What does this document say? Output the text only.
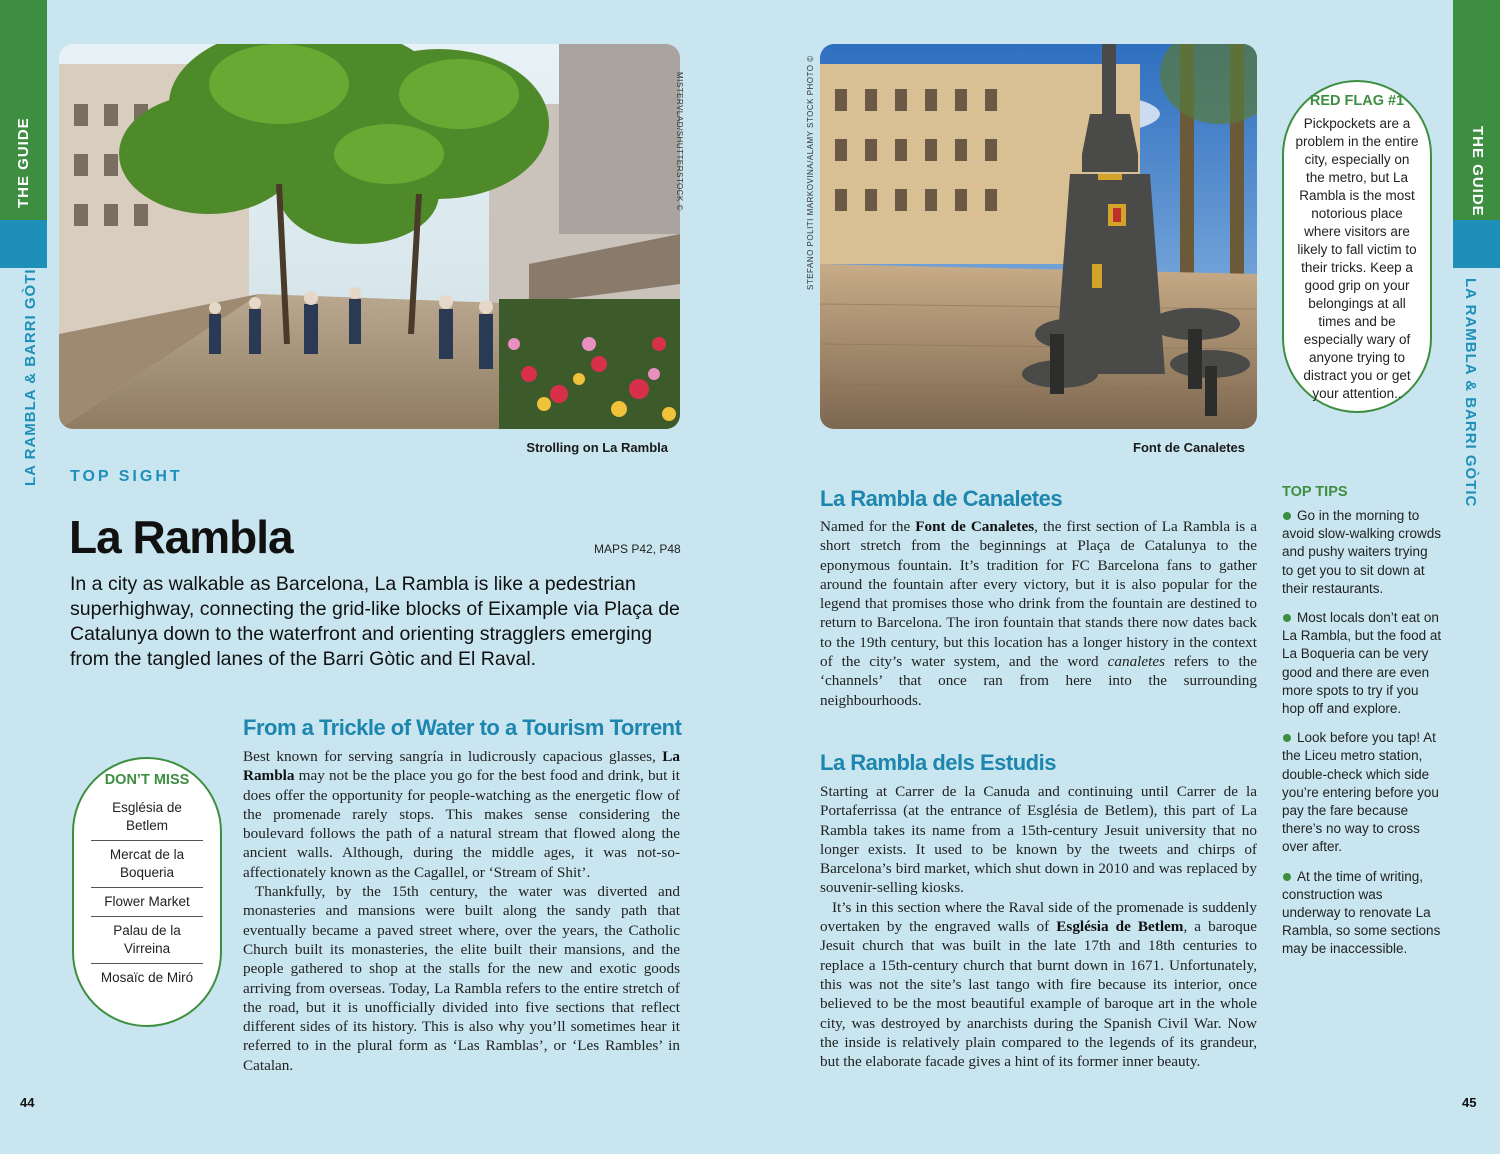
THE GUIDE
LA RAMBLA & BARRI GÒTIC
THE GUIDE
LA RAMBLA & BARRI GÒTIC
MISTERVLAD/SHUTTERSTOCK ©
Strolling on La Rambla
STEFANO POLITI MARKOVINA/ALAMY STOCK PHOTO ©
Font de Canaletes
TOP SIGHT
La Rambla	MAPS P42, P48
In a city as walkable as Barcelona, La Rambla is like a pedestrian superhighway, connecting the grid-like blocks of Eixample via Plaça de Catalunya down to the waterfront and orienting stragglers emerging from the tangled lanes of the Barri Gòtic and El Raval.
From a Trickle of Water to a Tourism Torrent

Best known for serving sangría in ludicrously capacious glasses, La Rambla may not be the place you go for the best food and drink, but it does offer the opportunity for people-watching as the energetic flow of the promenade rarely stops. This makes sense considering the boulevard follows the path of a natural stream that flowed along the ancient walls. Although, during the middle ages, it was not-so-affectionately known as the Cagallel, or ‘Stream of Shit’.

Thankfully, by the 15th century, the water was diverted and monasteries and mansions were built along the sandy path that eventually became a paved street where, over the years, the Catholic Church built its monasteries, the elite built their mansions, and the people gathered to shop at the stalls for the new and exotic goods arriving from overseas. Today, La Rambla refers to the entire stretch of the road, but it is unofficially divided into five sections that reflect different sides of its history. This is also why you’ll sometimes hear it referred to in the plural form as ‘Las Ramblas’, or ‘Les Rambles’ in Catalan.

DON’T MISS
Església de Betlem
Mercat de la Boqueria
Flower Market
Palau de la Virreina
Mosaïc de Miró
44
La Rambla de Canaletes

Named for the Font de Canaletes, the first section of La Rambla is a short stretch from the beginnings at Plaça de Catalunya to the eponymous fountain. It’s tradition for FC Barcelona fans to gather around the fountain after every victory, but it is also popular for the legend that promises those who drink from the fountain are destined to return to Barcelona. The iron fountain that stands there now dates back to the 19th century, but this location has a longer history in the context of the city’s water system, and the word canaletes refers to the ‘channels’ that once ran from here into the surrounding neighbourhoods.

La Rambla dels Estudis

Starting at Carrer de la Canuda and continuing until Carrer de la Portaferrissa (at the entrance of Església de Betlem), this part of La Rambla takes its name from a 15th-century Jesuit university that no longer exists. It used to be known by the tweets and chirps of Barcelona’s bird market, which shut down in 2010 and was replaced by souvenir-selling kiosks.

It’s in this section where the Raval side of the promenade is suddenly overtaken by the engraved walls of Església de Betlem, a baroque Jesuit church that was built in the late 17th and 18th centuries to replace a 15th-century church that burnt down in 1671. Unfortunately, this was not the site’s last tango with fire because its interior, once believed to be the most beautiful example of baroque art in the whole city, was destroyed by anarchists during the Spanish Civil War. Now the inside is relatively plain compared to the legends of its grandeur, but the elaborate facade gives a hint of its former inner beauty.

RED FLAG #1
Pickpockets are a problem in the entire city, especially on the metro, but La Rambla is the most notorious place where visitors are likely to fall victim to their tricks. Keep a good grip on your belongings at all times and be especially wary of anyone trying to distract you or get your attention..
TOP TIPS
Go in the morning to avoid slow-walking crowds and pushy waiters trying to get you to sit down at their restaurants.
Most locals don’t eat on La Rambla, but the food at La Boqueria can be very good and there are even more spots to try if you hop off and explore.
Look before you tap! At the Liceu metro station, double-check which side you’re entering before you pay the fare because there’s no way to cross over after.
At the time of writing, construction was underway to renovate La Rambla, so some sections may be inaccessible.
45
